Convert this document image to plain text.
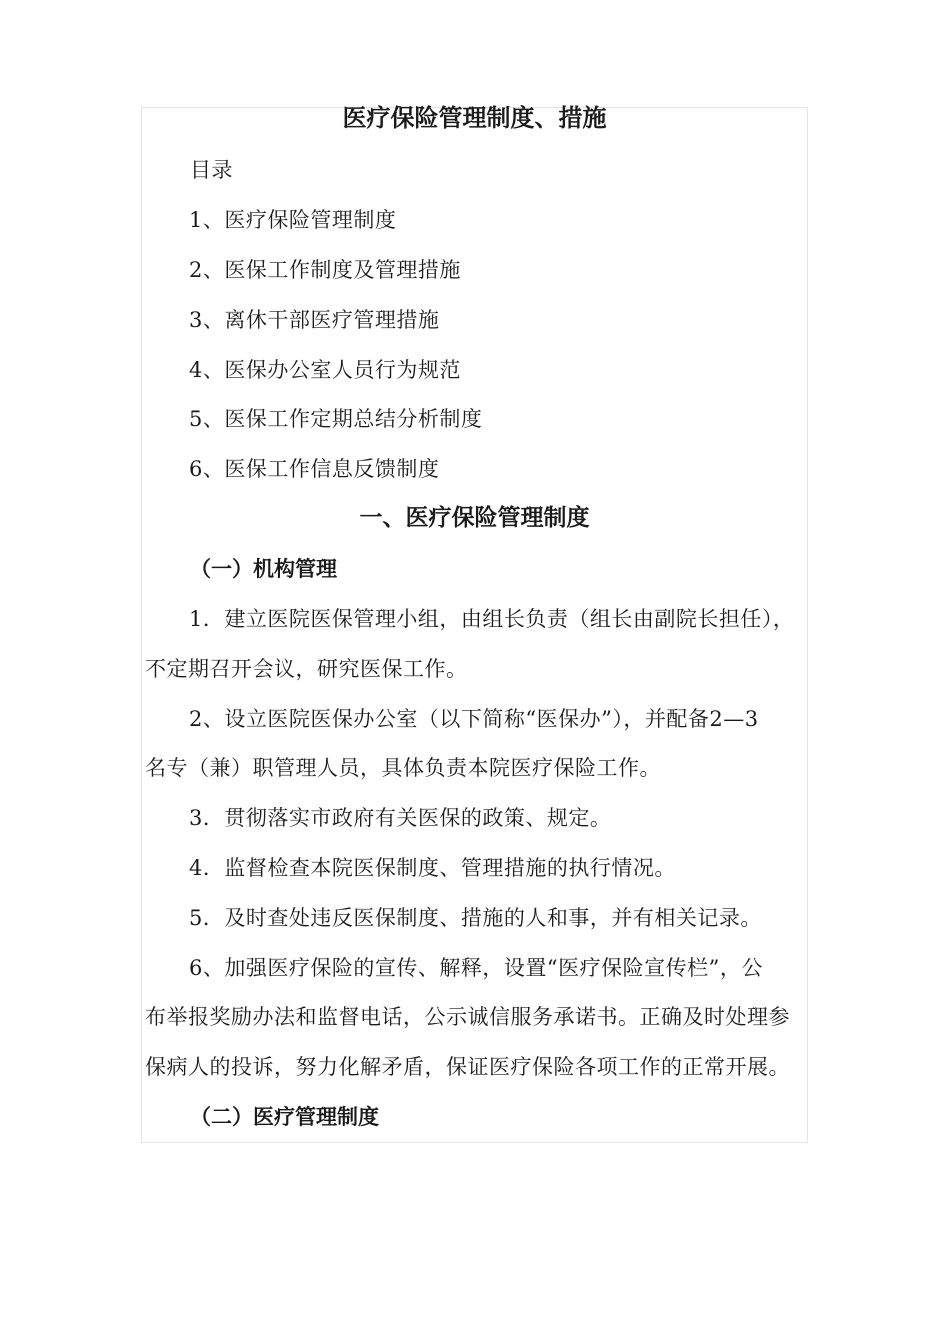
医疗保险管理制度、措施
目录
1、医疗保险管理制度
2、医保工作制度及管理措施
3、离休干部医疗管理措施
4、医保办公室人员行为规范
5、医保工作定期总结分析制度
6、医保工作信息反馈制度
一、医疗保险管理制度
（一）机构管理
1．建立医院医保管理小组，由组长负责（组长由副院长担任），
不定期召开会议，研究医保工作。
2、设立医院医保办公室（以下简称“医保办”），并配备2—3
名专（兼）职管理人员，具体负责本院医疗保险工作。
3．贯彻落实市政府有关医保的政策、规定。
4．监督检查本院医保制度、管理措施的执行情况。
5．及时查处违反医保制度、措施的人和事，并有相关记录。
6、加强医疗保险的宣传、解释，设置“医疗保险宣传栏”，公
布举报奖励办法和监督电话，公示诚信服务承诺书。正确及时处理参
保病人的投诉，努力化解矛盾，保证医疗保险各项工作的正常开展。
（二）医疗管理制度
